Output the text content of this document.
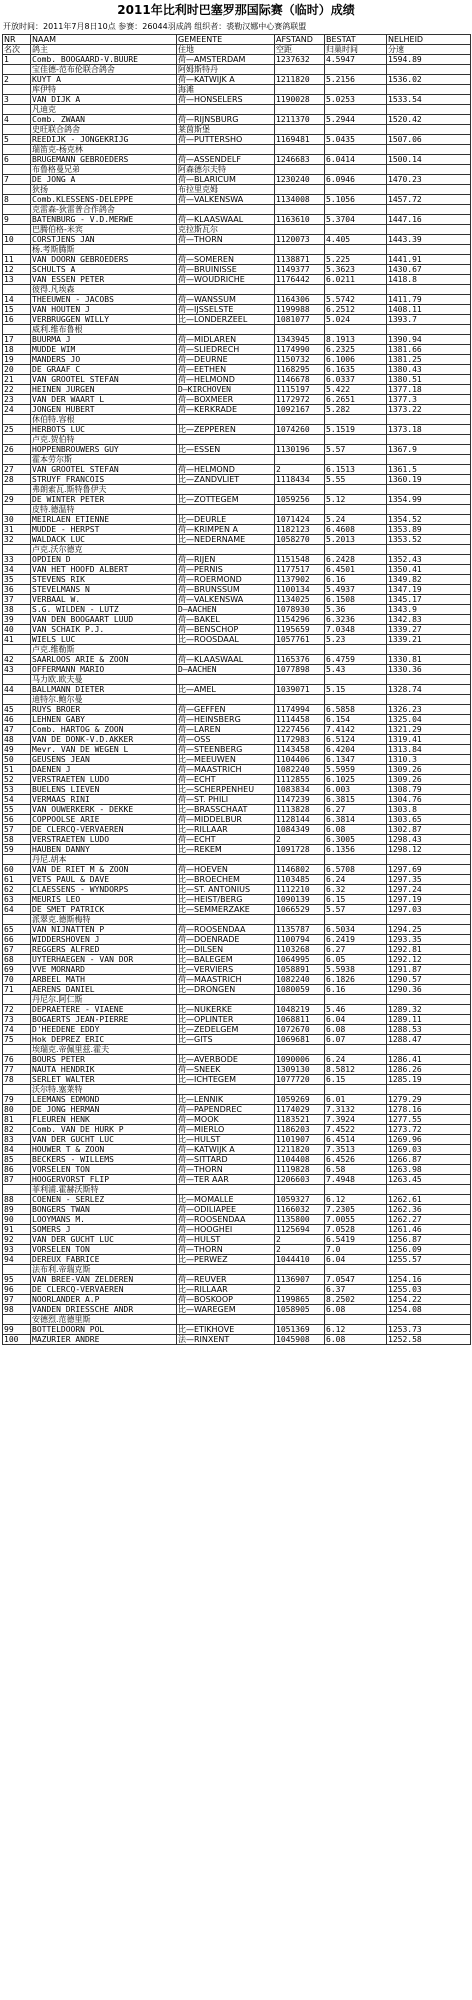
2011年比利时巴塞罗那国际赛（临时）成绩
开放时间：2011年7月8日10点 参赛：26044羽成鸽 组织者：裘勒汉娜中心赛鸽联盟
NR	NAAM	GEMEENTE	AFSTAND	BESTAT	NELHEID
名次	鸽主	住地	空距	归巢时间	分速
1	Comb. BOOGAARD-V.BUURE	荷—AMSTERDAM	1237632	4.5947	1594.89
	宝佳德-范布伦联合鸽舍	阿姆斯特丹			
2	KUYT A	荷—KATWIJK A	1211820	5.2156	1536.02
	库伊特	海滩			
3	VAN DIJK A	荷—HONSELERS	1190028	5.0253	1533.54
	凡迪克				
4	Comb. ZWAAN	荷—RIJNSBURG	1211370	5.2944	1520.42
	史旺联合鸽舍	莱茵斯堡			
5	REEDIJK - JONGEKRIJG	荷—PUTTERSHO	1169481	5.0435	1507.06
	瑞笛克-杨克林				
6	BRUGEMANN GEBROEDERS	荷—ASSENDELF	1246683	6.0414	1500.14
	布鲁格曼兄弟	阿森德尔夫特			
7	DE JONG A	荷—BLARICUM	1230240	6.0946	1470.23
	狄扬	布拉里克姆			
8	Comb.KLESSENS-DELEPPE	荷—VALKENSWA	1134008	5.1056	1457.72
	克雷森-狄雷普合作鸽舍				
9	BATENBURG - V.D.MERWE	荷—KLAASWAAL	1163610	5.3704	1447.16
	巴腾伯格-米宾	克拉斯瓦尔			
10	CORSTJENS JAN	荷—THORN	1120073	4.405	1443.39
	杨.考斯腾斯				
11	VAN DOORN GEBROEDERS	荷—SOMEREN	1138871	5.225	1441.91
12	SCHULTS A	荷—BRUINISSE	1149377	5.3623	1430.67
13	VAN ESSEN PETER	荷—WOUDRICHE	1176442	6.0211	1418.8
	彼得.凡埃森				
14	THEEUWEN - JACOBS	荷—WANSSUM	1164306	5.5742	1411.79
15	VAN HOUTEN J	荷—IJSSELSTE	1199988	6.2512	1408.11
16	VERBRUGGEN WILLY	比—LONDERZEEL	1081077	5.024	1393.7
	威利.维布鲁根				
17	BUURMA J	荷—MIDLAREN	1343945	8.1913	1390.94
18	MUDDE WIM	荷—SLIEDRECH	1174990	6.2325	1381.66
19	MANDERS JO	荷—DEURNE	1150732	6.1006	1381.25
20	DE GRAAF C	荷—EETHEN	1168295	6.1635	1380.43
21	VAN GROOTEL STEFAN	荷—HELMOND	1146678	6.0337	1380.51
22	HEINEN JURGEN	D—KIRCHOVEN	1115197	5.422	1377.18
23	VAN DER WAART L	荷—BOXMEER	1172972	6.2651	1377.3
24	JONGEN HUBERT	荷—KERKRADE	1092167	5.282	1373.22
	休伯特.容根				
25	HERBOTS LUC	比—ZEPPEREN	1074260	5.1519	1373.18
	卢克.贺伯特				
26	HOPPENBROUWERS GUY	比—ESSEN	1130196	5.57	1367.9
	霍本劳尔斯				
27	VAN GROOTEL STEFAN	荷—HELMOND	2	6.1513	1361.5
28	STRUYF FRANCOIS	比—ZANDVLIET	1118434	5.55	1360.19
	弗朗索瓦.斯特鲁伊夫				
29	DE WINTER PETER	比—ZOTTEGEM	1059256	5.12	1354.99
	皮特.德温特				
30	MEIRLAEN ETIENNE	比—DEURLE	1071424	5.24	1354.52
31	MUDDE - HERPST	荷—KRIMPEN A	1182123	6.4608	1353.89
32	WALDACK LUC	比—NEDERNAME	1058270	5.2013	1353.52
	卢克.沃尔德克				
33	OPDIEN D	荷—RIJEN	1151548	6.2428	1352.43
34	VAN HET HOOFD ALBERT	荷—PERNIS	1177517	6.4501	1350.41
35	STEVENS RIK	荷—ROERMOND	1137902	6.16	1349.82
36	STEVELMANS N	荷—BRUNSSUM	1100134	5.4937	1347.19
37	VERBAAL W.	荷—VALKENSWA	1134025	6.1508	1345.17
38	S.G. WILDEN - LUTZ	D—AACHEN	1078930	5.36	1343.9
39	VAN DEN BOOGAART LUUD	荷—BAKEL	1154296	6.3236	1342.83
40	VAN SCHAIK P.J.	荷—BENSCHOP	1195659	7.0348	1339.27
41	WIELS LUC	比—ROOSDAAL	1057761	5.23	1339.21
	卢克.维勒斯				
42	SAARLOOS ARIE & ZOON	荷—KLAASWAAL	1165376	6.4759	1330.81
43	OFFERMANN MARIO	D—AACHEN	1077898	5.43	1330.36
	马力欧.欧夫曼				
44	BALLMANN DIETER	比—AMEL	1039071	5.15	1328.74
	迪特尔.鲍尔曼				
45	RUYS BROER	荷—GEFFEN	1174994	6.5858	1326.23
46	LEHNEN GABY	荷—HEINSBERG	1114458	6.154	1325.04
47	Comb. HARTOG & ZOON	荷—LAREN	1227456	7.4142	1321.29
48	VAN DE DONK-V.D.AKKER	荷—OSS	1172983	6.5124	1319.41
49	Mevr. VAN DE WEGEN L	荷—STEENBERG	1143458	6.4204	1313.84
50	GEUSENS JEAN	比—MEEUWEN	1104406	6.1347	1310.3
51	DAENEN J	荷—MAASTRICH	1082240	5.5959	1309.26
52	VERSTRAETEN LUDO	荷—ECHT	1112855	6.1025	1309.26
53	BUELENS LIEVEN	比—SCHERPENHEU	1083834	6.003	1308.79
54	VERMAAS RINI	荷—ST. PHILI	1147239	6.3815	1304.76
55	VAN OUWERKERK - DEKKE	比—BRASSCHAAT	1113828	6.27	1303.8
56	COPPOOLSE ARIE	荷—MIDDELBUR	1128144	6.3814	1303.65
57	DE CLERCQ-VERVAEREN	比—RILLAAR	1084349	6.08	1302.87
58	VERSTRAETEN LUDO	荷—ECHT	2	6.3005	1298.43
59	HAUBEN DANNY	比—REKEM	1091728	6.1356	1298.12
	丹尼.胡本				
60	VAN DE RIET M & ZOON	荷—HOEVEN	1146802	6.5708	1297.69
61	VETS PAUL & DAVE	比—BROECHEM	1103485	6.24	1297.35
62	CLAESSENS - WYNDORPS	比—ST. ANTONIUS	1112210	6.32	1297.24
63	MEURIS LEO	比—HEIST/BERG	1090139	6.15	1297.19
64	DE SMET PATRICK	比—SEMMERZAKE	1066529	5.57	1297.03
	派翠克.德斯梅特				
65	VAN NIJNATTEN P	荷—ROOSENDAA	1135787	6.5034	1294.25
66	WIDDERSHOVEN J	荷—DOENRADE	1100794	6.2419	1293.35
67	REGGERS ALFRED	比—DILSEN	1103268	6.27	1292.81
68	UYTERHAEGEN - VAN DOR	比—BALEGEM	1064995	6.05	1292.12
69	VVE MORNARD	比—VERVIERS	1058891	5.5938	1291.87
70	ARBEEL MATH	荷—MAASTRICH	1082240	6.1826	1290.57
71	AERENS DANIEL	比—DRONGEN	1080059	6.16	1290.36
	丹尼尔.阿仁斯				
72	DEPRAETERE - VIAENE	比—NUKERKE	1048219	5.46	1289.32
73	BOGAERTS JEAN-PIERRE	比—OPLINTER	1068811	6.04	1289.11
74	D'HEEDENE EDDY	比—ZEDELGEM	1072670	6.08	1288.53
75	Hok DEPREZ ERIC	比—GITS	1069681	6.07	1288.47
	埃瑞克.帝佩里兹.霍夫				
76	BOURS PETER	比—AVERBODE	1090006	6.24	1286.41
77	NAUTA HENDRIK	荷—SNEEK	1309130	8.5812	1286.26
78	SERLET WALTER	比—ICHTEGEM	1077720	6.15	1285.19
	沃尔特.塞莱特				
79	LEEMANS EDMOND	比—LENNIK	1059269	6.01	1279.29
80	DE JONG HERMAN	荷—PAPENDREC	1174029	7.3132	1278.16
81	FLEUREN HENK	荷—MOOK	1183521	7.3924	1277.55
82	Comb. VAN DE HURK P	荷—MIERLO	1186203	7.4522	1273.72
83	VAN DER GUCHT LUC	比—HULST	1101907	6.4514	1269.96
84	HOUWER T & ZOON	荷—KATWIJK A	1211820	7.3513	1269.03
85	BECKERS - WILLEMS	荷—SITTARD	1104408	6.4526	1266.87
86	VORSELEN TON	荷—THORN	1119828	6.58	1263.98
87	HOOGERVORST FLIP	荷—TER AAR	1206603	7.4948	1263.45
	菲利浦.霍赫沃斯特				
88	COENEN - SERLEZ	比—MOMALLE	1059327	6.12	1262.61
89	BONGERS TWAN	荷—ODILIAPEE	1166032	7.2305	1262.36
90	LOOYMANS M.	荷—ROOSENDAA	1135800	7.0055	1262.27
91	SOMERS J	荷—HOOGHEI	1125694	7.0528	1261.46
92	VAN DER GUCHT LUC	荷—HULST	2	6.5419	1256.87
93	VORSELEN TON	荷—THORN	2	7.0	1256.09
94	DEREUX FABRICE	比—PERWEZ	1044410	6.04	1255.57
	法布利.帝瑞克斯				
95	VAN BREE-VAN ZELDEREN	荷—REUVER	1136907	7.0547	1254.16
96	DE CLERCQ-VERVAEREN	比—RILLAAR	2	6.37	1255.03
97	NOORLANDER A.P	荷—BOSKOOP	1199865	8.2502	1254.22
98	VANDEN DRIESSCHE ANDR	比—WAREGEM	1058905	6.08	1254.08
	安德烈.范德里斯				
99	BOTTELDOORN POL	比—ETIKHOVE	1051369	6.12	1253.73
100	MAZURIER ANDRE	法—RINXENT	1045908	6.08	1252.58
